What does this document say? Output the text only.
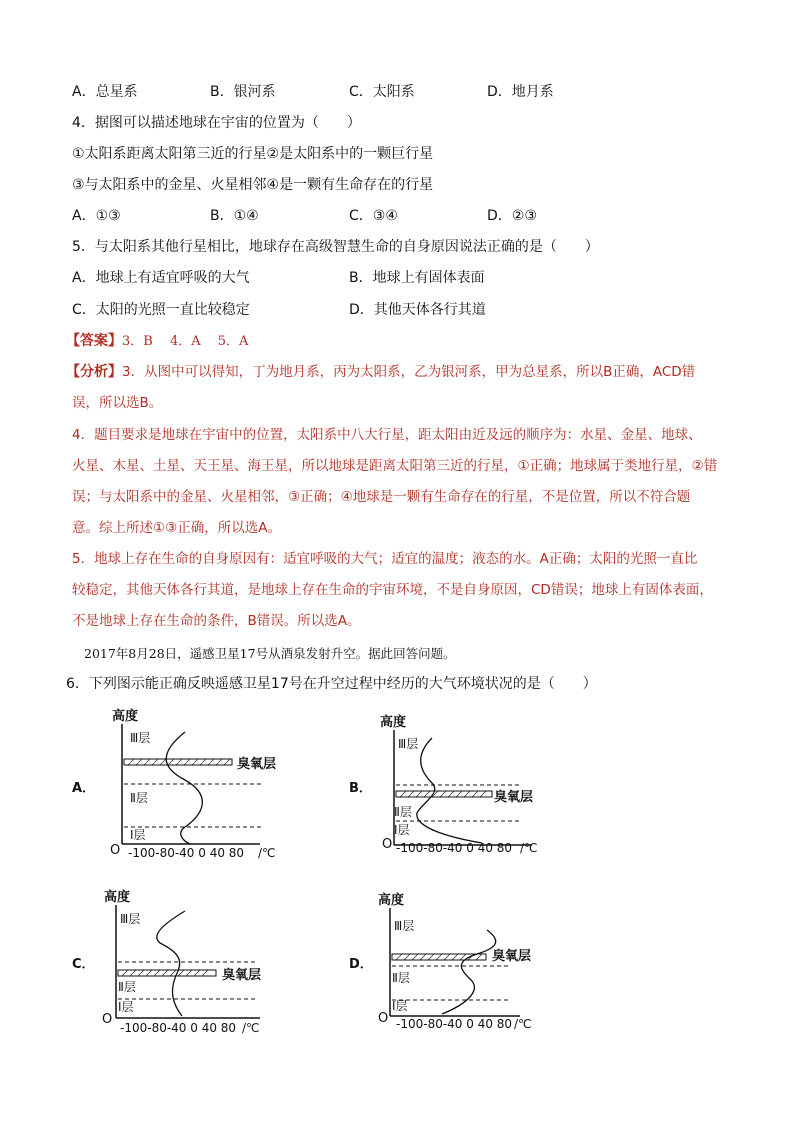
A．总星系	B．银河系	C．太阳系	D．地月系
4．据图可以描述地球在宇宙的位置为（　　）
①太阳系距离太阳第三近的行星②是太阳系中的一颗巨行星
③与太阳系中的金星、火星相邻④是一颗有生命存在的行星
A．①③	B．①④	C．③④	D．②③
5．与太阳系其他行星相比，地球存在高级智慧生命的自身原因说法正确的是（　　）
A．地球上有适宜呼吸的大气	B．地球上有固体表面
C．太阳的光照一直比较稳定	D．其他天体各行其道
【答案】3．B　 4．A　 5．A
【分析】3．从图中可以得知，丁为地月系，丙为太阳系，乙为银河系，甲为总星系，所以B正确，ACD错
误，所以选B。
4．题目要求是地球在宇宙中的位置，太阳系中八大行星，距太阳由近及远的顺序为：水星、金星、地球、
火星、木星、土星、天王星、海王星，所以地球是距离太阳第三近的行星，①正确；地球属于类地行星，②错
误；与太阳系中的金星、火星相邻，③正确；④地球是一颗有生命存在的行星，不是位置，所以不符合题
意。综上所述①③正确，所以选A。
5．地球上存在生命的自身原因有：适宜呼吸的大气；适宜的温度；液态的水。A正确；太阳的光照一直比
较稳定，其他天体各行其道，是地球上存在生命的宇宙环境，不是自身原因，CD错误；地球上有固体表面，
不是地球上存在生命的条件，B错误。所以选A。
2017年8月28日，遥感卫星17号从酒泉发射升空。据此回答问题。
6．下列图示能正确反映遥感卫星17号在升空过程中经历的大气环境状况的是（　　）
A．	B．
C．	D．
高度
O -100-80-40 0 40 80 /℃
Ⅲ层
臭氧层
Ⅱ层
Ⅰ层
高度
O -100-80-40 0 40 80 /℃
Ⅲ层
臭氧层
Ⅱ层
Ⅰ层
高度
O
-100-80-40 0 40 80 /℃
Ⅲ层
臭氧层
Ⅱ层
Ⅰ层
高度
O -100-80-40 0 40 80 /℃
Ⅲ层
臭氧层
Ⅱ层
Ⅰ层
